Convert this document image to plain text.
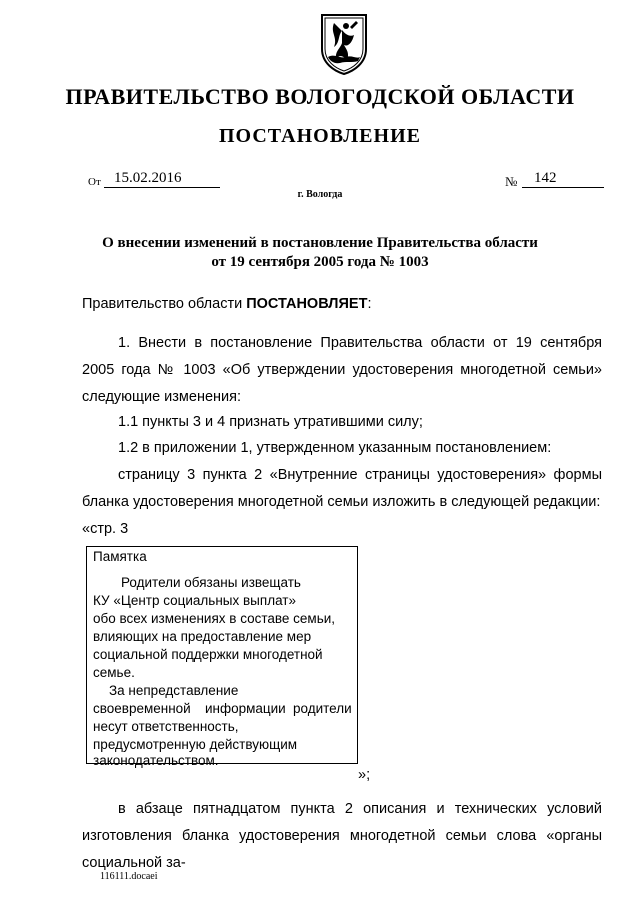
ПРАВИТЕЛЬСТВО ВОЛОГОДСКОЙ ОБЛАСТИ
ПОСТАНОВЛЕНИЕ
От 15.02.2016	№	142
г. Вологда
О внесении изменений в постановление Правительства области
от 19 сентября 2005 года № 1003
Правительство области ПОСТАНОВЛЯЕТ:
1. Внести в постановление Правительства области от 19 сентября 2005 года № 1003 «Об утверждении удостоверения многодетной семьи» следующие изменения:
1.1 пункты 3 и 4 признать утратившими силу;
1.2 в приложении 1, утвержденном указанным постановлением:
страницу 3 пункта 2 «Внутренние страницы удостоверения» формы бланка удостоверения многодетной семьи изложить в следующей редакции:
«стр. 3
Памятка
Родители обязаны извещать
КУ «Центр социальных выплат»
обо всех изменениях в составе семьи,
влияющих на предоставление мер
социальной поддержки многодетной
семье.
За непредставление
своевременной информации родители
несут ответственность,
предусмотренную действующим
законодательством.
»;
в абзаце пятнадцатом пункта 2 описания и технических условий изготовления бланка удостоверения многодетной семьи слова «органы социальной за-
116111.docaei
